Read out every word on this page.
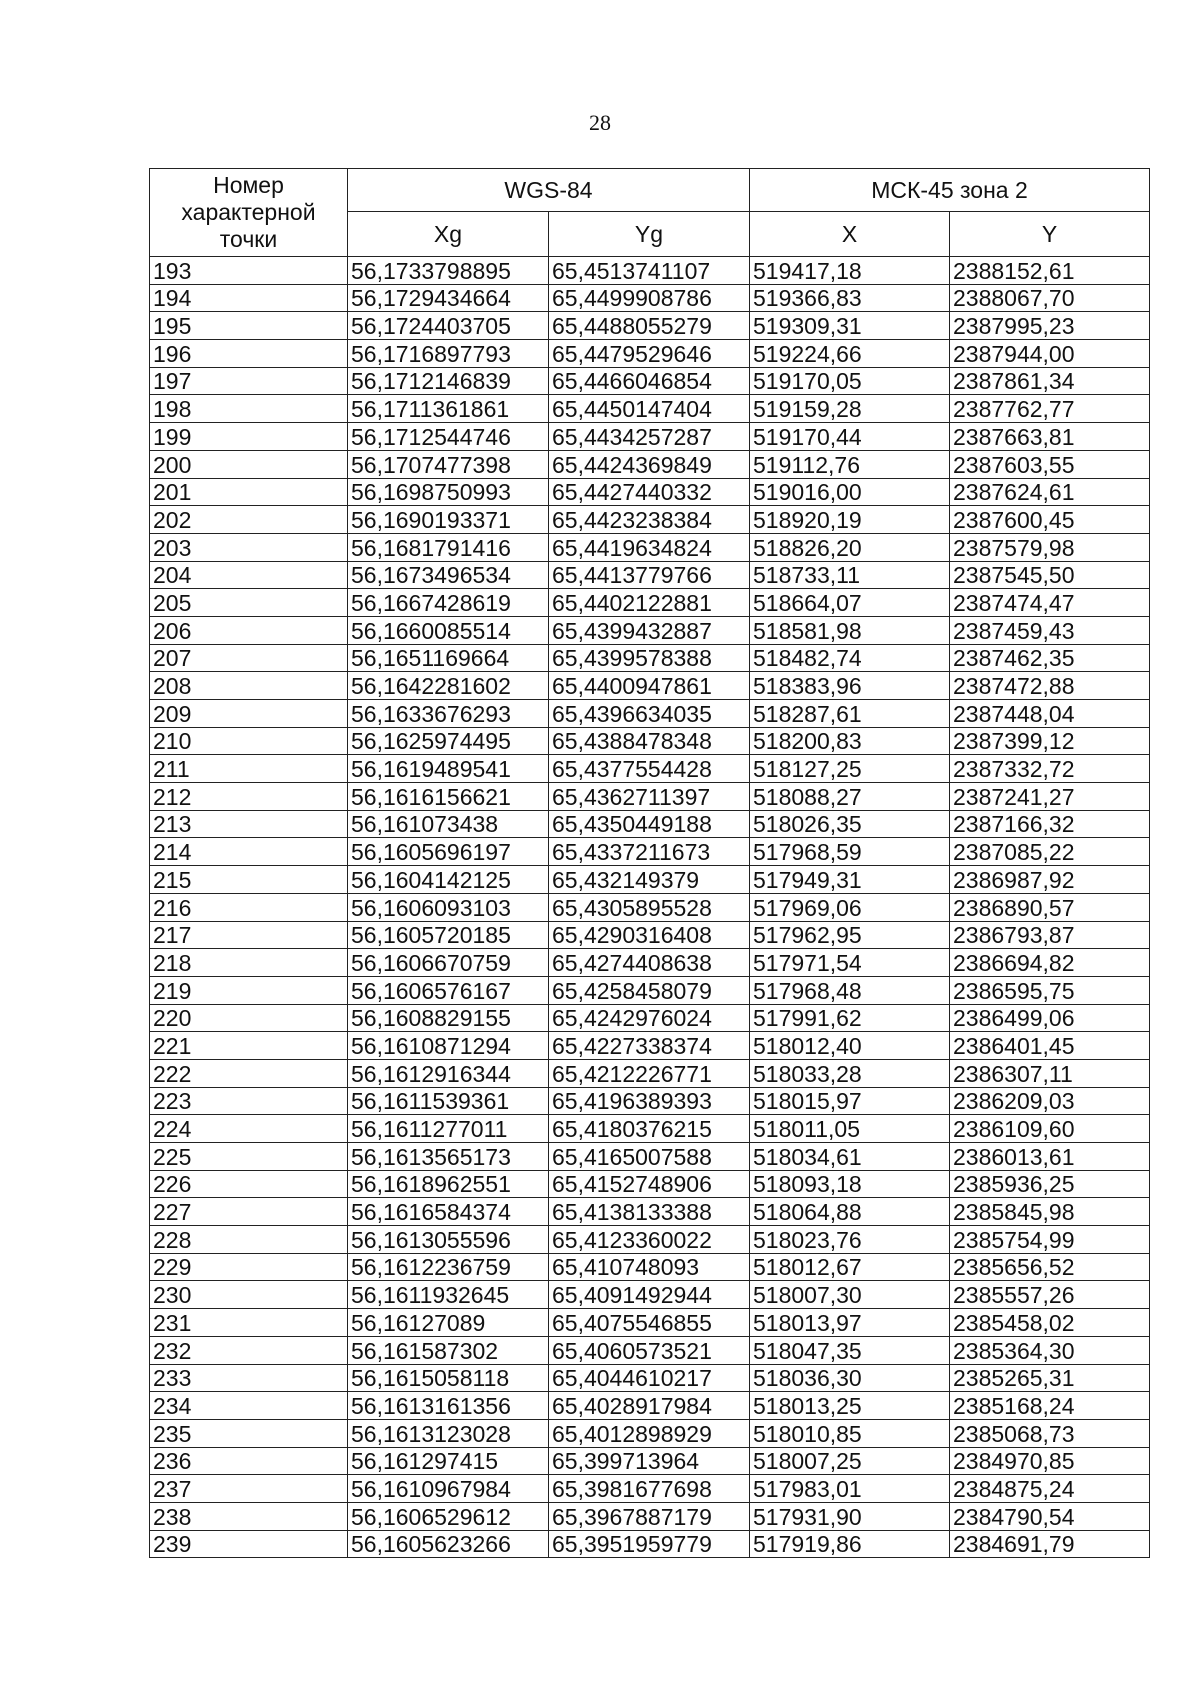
28
Номер характерной точки	WGS-84		МСК-45 зона 2	
	Xg	Yg	X	Y
193	56,1733798895	65,4513741107	519417,18	2388152,61
194	56,1729434664	65,4499908786	519366,83	2388067,70
195	56,1724403705	65,4488055279	519309,31	2387995,23
196	56,1716897793	65,4479529646	519224,66	2387944,00
197	56,1712146839	65,4466046854	519170,05	2387861,34
198	56,1711361861	65,4450147404	519159,28	2387762,77
199	56,1712544746	65,4434257287	519170,44	2387663,81
200	56,1707477398	65,4424369849	519112,76	2387603,55
201	56,1698750993	65,4427440332	519016,00	2387624,61
202	56,1690193371	65,4423238384	518920,19	2387600,45
203	56,1681791416	65,4419634824	518826,20	2387579,98
204	56,1673496534	65,4413779766	518733,11	2387545,50
205	56,1667428619	65,4402122881	518664,07	2387474,47
206	56,1660085514	65,4399432887	518581,98	2387459,43
207	56,1651169664	65,4399578388	518482,74	2387462,35
208	56,1642281602	65,4400947861	518383,96	2387472,88
209	56,1633676293	65,4396634035	518287,61	2387448,04
210	56,1625974495	65,4388478348	518200,83	2387399,12
211	56,1619489541	65,4377554428	518127,25	2387332,72
212	56,1616156621	65,4362711397	518088,27	2387241,27
213	56,161073438	65,4350449188	518026,35	2387166,32
214	56,1605696197	65,4337211673	517968,59	2387085,22
215	56,1604142125	65,432149379	517949,31	2386987,92
216	56,1606093103	65,4305895528	517969,06	2386890,57
217	56,1605720185	65,4290316408	517962,95	2386793,87
218	56,1606670759	65,4274408638	517971,54	2386694,82
219	56,1606576167	65,4258458079	517968,48	2386595,75
220	56,1608829155	65,4242976024	517991,62	2386499,06
221	56,1610871294	65,4227338374	518012,40	2386401,45
222	56,1612916344	65,4212226771	518033,28	2386307,11
223	56,1611539361	65,4196389393	518015,97	2386209,03
224	56,1611277011	65,4180376215	518011,05	2386109,60
225	56,1613565173	65,4165007588	518034,61	2386013,61
226	56,1618962551	65,4152748906	518093,18	2385936,25
227	56,1616584374	65,4138133388	518064,88	2385845,98
228	56,1613055596	65,4123360022	518023,76	2385754,99
229	56,1612236759	65,410748093	518012,67	2385656,52
230	56,1611932645	65,4091492944	518007,30	2385557,26
231	56,16127089	65,4075546855	518013,97	2385458,02
232	56,161587302	65,4060573521	518047,35	2385364,30
233	56,1615058118	65,4044610217	518036,30	2385265,31
234	56,1613161356	65,4028917984	518013,25	2385168,24
235	56,1613123028	65,4012898929	518010,85	2385068,73
236	56,161297415	65,399713964	518007,25	2384970,85
237	56,1610967984	65,3981677698	517983,01	2384875,24
238	56,1606529612	65,3967887179	517931,90	2384790,54
239	56,1605623266	65,3951959779	517919,86	2384691,79
